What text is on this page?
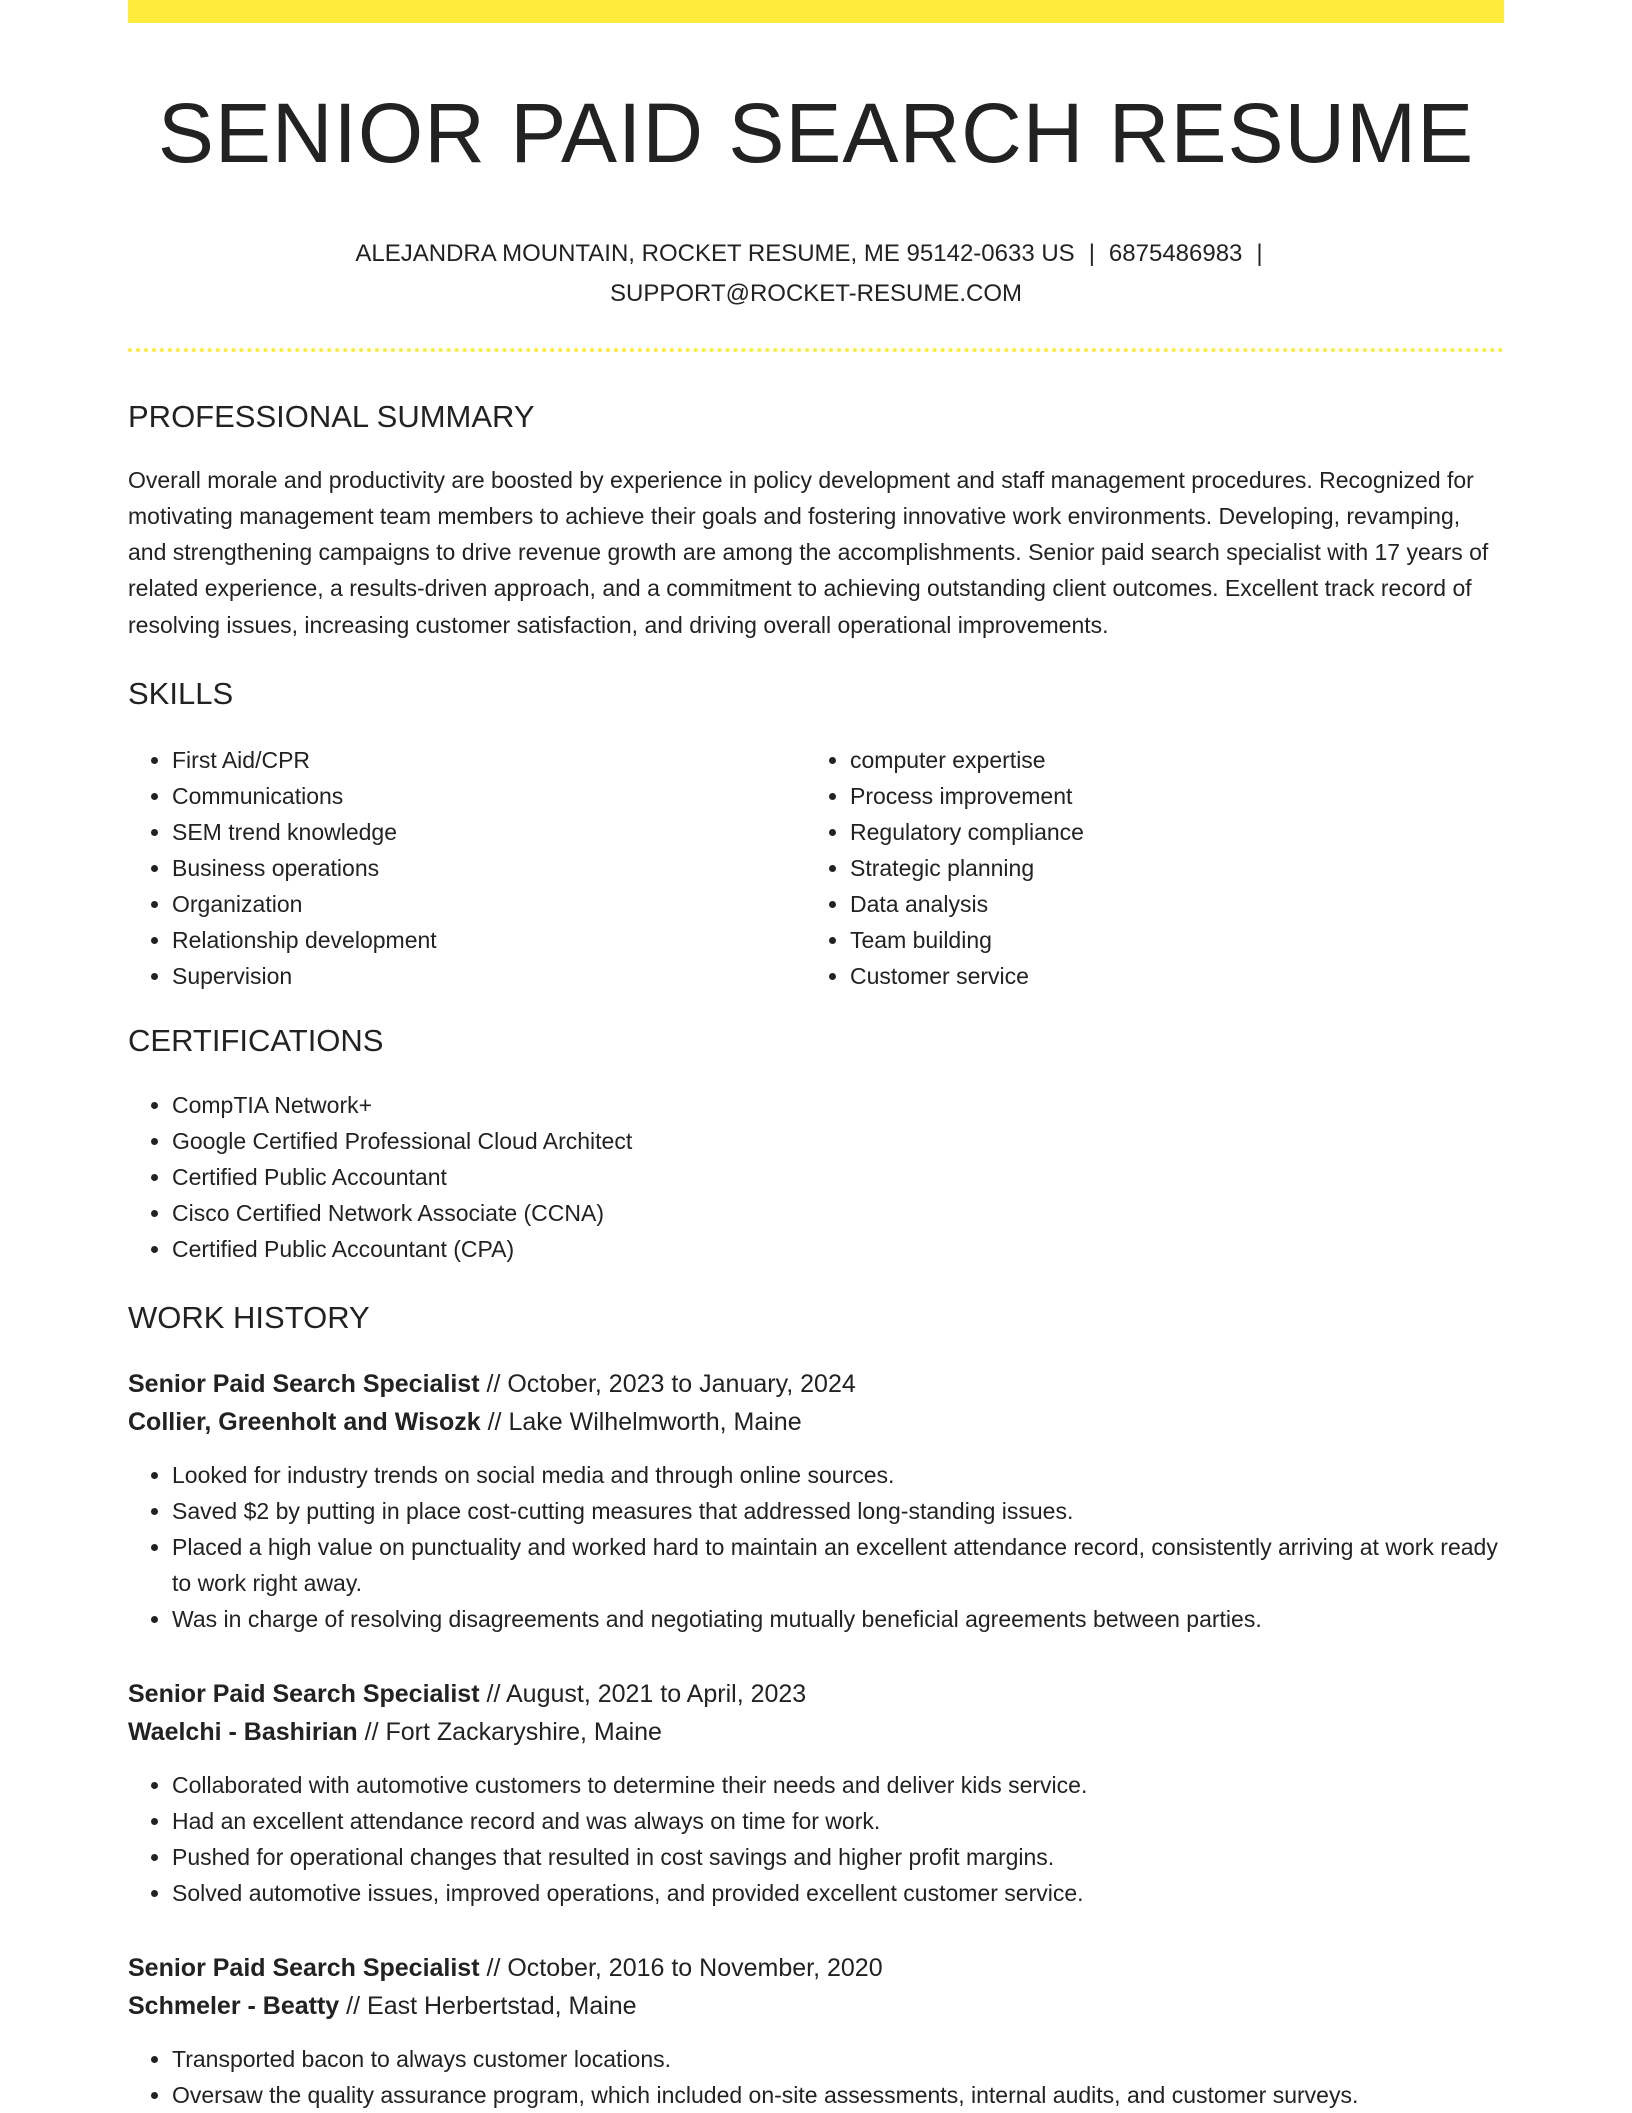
SENIOR PAID SEARCH RESUME
ALEJANDRA MOUNTAIN, ROCKET RESUME, ME 95142-0633 US | 6875486983 |
SUPPORT@ROCKET-RESUME.COM
PROFESSIONAL SUMMARY
Overall morale and productivity are boosted by experience in policy development and staff management procedures. Recognized for motivating management team members to achieve their goals and fostering innovative work environments. Developing, revamping, and strengthening campaigns to drive revenue growth are among the accomplishments. Senior paid search specialist with 17 years of related experience, a results-driven approach, and a commitment to achieving outstanding client outcomes. Excellent track record of resolving issues, increasing customer satisfaction, and driving overall operational improvements.
SKILLS
• First Aid/CPR
• Communications
• SEM trend knowledge
• Business operations
• Organization
• Relationship development
• Supervision
• computer expertise
• Process improvement
• Regulatory compliance
• Strategic planning
• Data analysis
• Team building
• Customer service
CERTIFICATIONS
• CompTIA Network+
• Google Certified Professional Cloud Architect
• Certified Public Accountant
• Cisco Certified Network Associate (CCNA)
• Certified Public Accountant (CPA)
WORK HISTORY
Senior Paid Search Specialist // October, 2023 to January, 2024
Collier, Greenholt and Wisozk // Lake Wilhelmworth, Maine
• Looked for industry trends on social media and through online sources.
• Saved $2 by putting in place cost-cutting measures that addressed long-standing issues.
• Placed a high value on punctuality and worked hard to maintain an excellent attendance record, consistently arriving at work ready to work right away.
• Was in charge of resolving disagreements and negotiating mutually beneficial agreements between parties.
Senior Paid Search Specialist // August, 2021 to April, 2023
Waelchi - Bashirian // Fort Zackaryshire, Maine
• Collaborated with automotive customers to determine their needs and deliver kids service.
• Had an excellent attendance record and was always on time for work.
• Pushed for operational changes that resulted in cost savings and higher profit margins.
• Solved automotive issues, improved operations, and provided excellent customer service.
Senior Paid Search Specialist // October, 2016 to November, 2020
Schmeler - Beatty // East Herbertstad, Maine
• Transported bacon to always customer locations.
• Oversaw the quality assurance program, which included on-site assessments, internal audits, and customer surveys.
